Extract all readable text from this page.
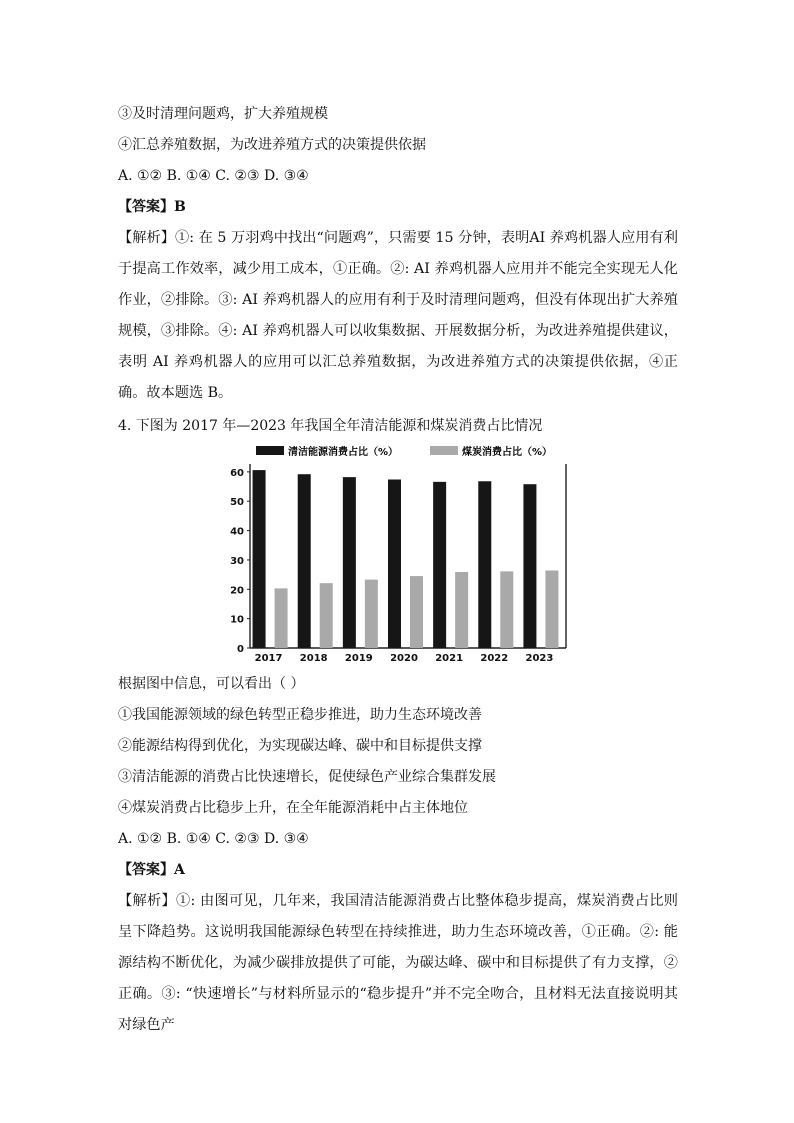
③及时清理问题鸡，扩大养殖规模
④汇总养殖数据，为改进养殖方式的决策提供依据
A. ①② B. ①④ C. ②③ D. ③④
【答案】B
【解析】①: 在 5 万羽鸡中找出“问题鸡”，只需要 15 分钟，表明AI 养鸡机器人应用有利于提高工作效率，减少用工成本，①正确。②: AI 养鸡机器人应用并不能完全实现无人化作业，②排除。③: AI 养鸡机器人的应用有利于及时清理问题鸡，但没有体现出扩大养殖规模，③排除。④: AI 养鸡机器人可以收集数据、开展数据分析，为改进养殖提供建议，表明 AI 养鸡机器人的应用可以汇总养殖数据，为改进养殖方式的决策提供依据，④正确。故本题选 B。
4. 下图为 2017 年—2023 年我国全年清洁能源和煤炭消费占比情况
清洁能源消费占比（%）	煤炭消费占比（%）
0
10
20
30
40
50
60
2017 2018 2019 2020 2021 2022 2023
根据图中信息，可以看出（ ）
①我国能源领域的绿色转型正稳步推进，助力生态环境改善
②能源结构得到优化，为实现碳达峰、碳中和目标提供支撑
③清洁能源的消费占比快速增长，促使绿色产业综合集群发展
④煤炭消费占比稳步上升，在全年能源消耗中占主体地位
A. ①② B. ①④ C. ②③ D. ③④
【答案】A
【解析】①: 由图可见，几年来，我国清洁能源消费占比整体稳步提高，煤炭消费占比则呈下降趋势。这说明我国能源绿色转型在持续推进，助力生态环境改善，①正确。②: 能源结构不断优化，为减少碳排放提供了可能，为碳达峰、碳中和目标提供了有力支撑，②正确。③: “快速增长”与材料所显示的“稳步提升”并不完全吻合，且材料无法直接说明其对绿色产
